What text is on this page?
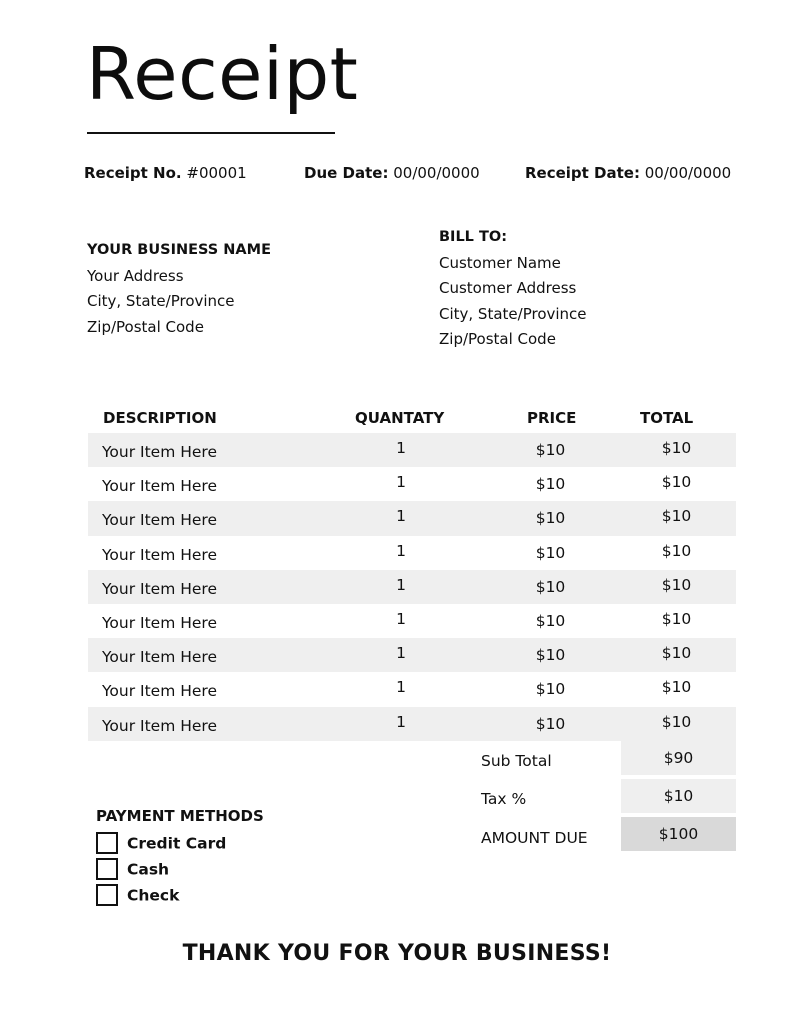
Receipt
Receipt No. #00001	Due Date: 00/00/0000	Receipt Date: 00/00/0000
YOUR BUSINESS NAME
Your Address
City, State/Province
Zip/Postal Code
BILL TO:
Customer Name
Customer Address
City, State/Province
Zip/Postal Code
DESCRIPTION	QUANTATY	PRICE	TOTAL
Your Item Here	1	$10	$10
Your Item Here	1	$10	$10
Your Item Here	1	$10	$10
Your Item Here	1	$10	$10
Your Item Here	1	$10	$10
Your Item Here	1	$10	$10
Your Item Here	1	$10	$10
Your Item Here	1	$10	$10
Your Item Here	1	$10	$10
Sub Total	$90
Tax %	$10
AMOUNT DUE	$100
PAYMENT METHODS
Credit Card
Cash
Check
THANK YOU FOR YOUR BUSINESS!
